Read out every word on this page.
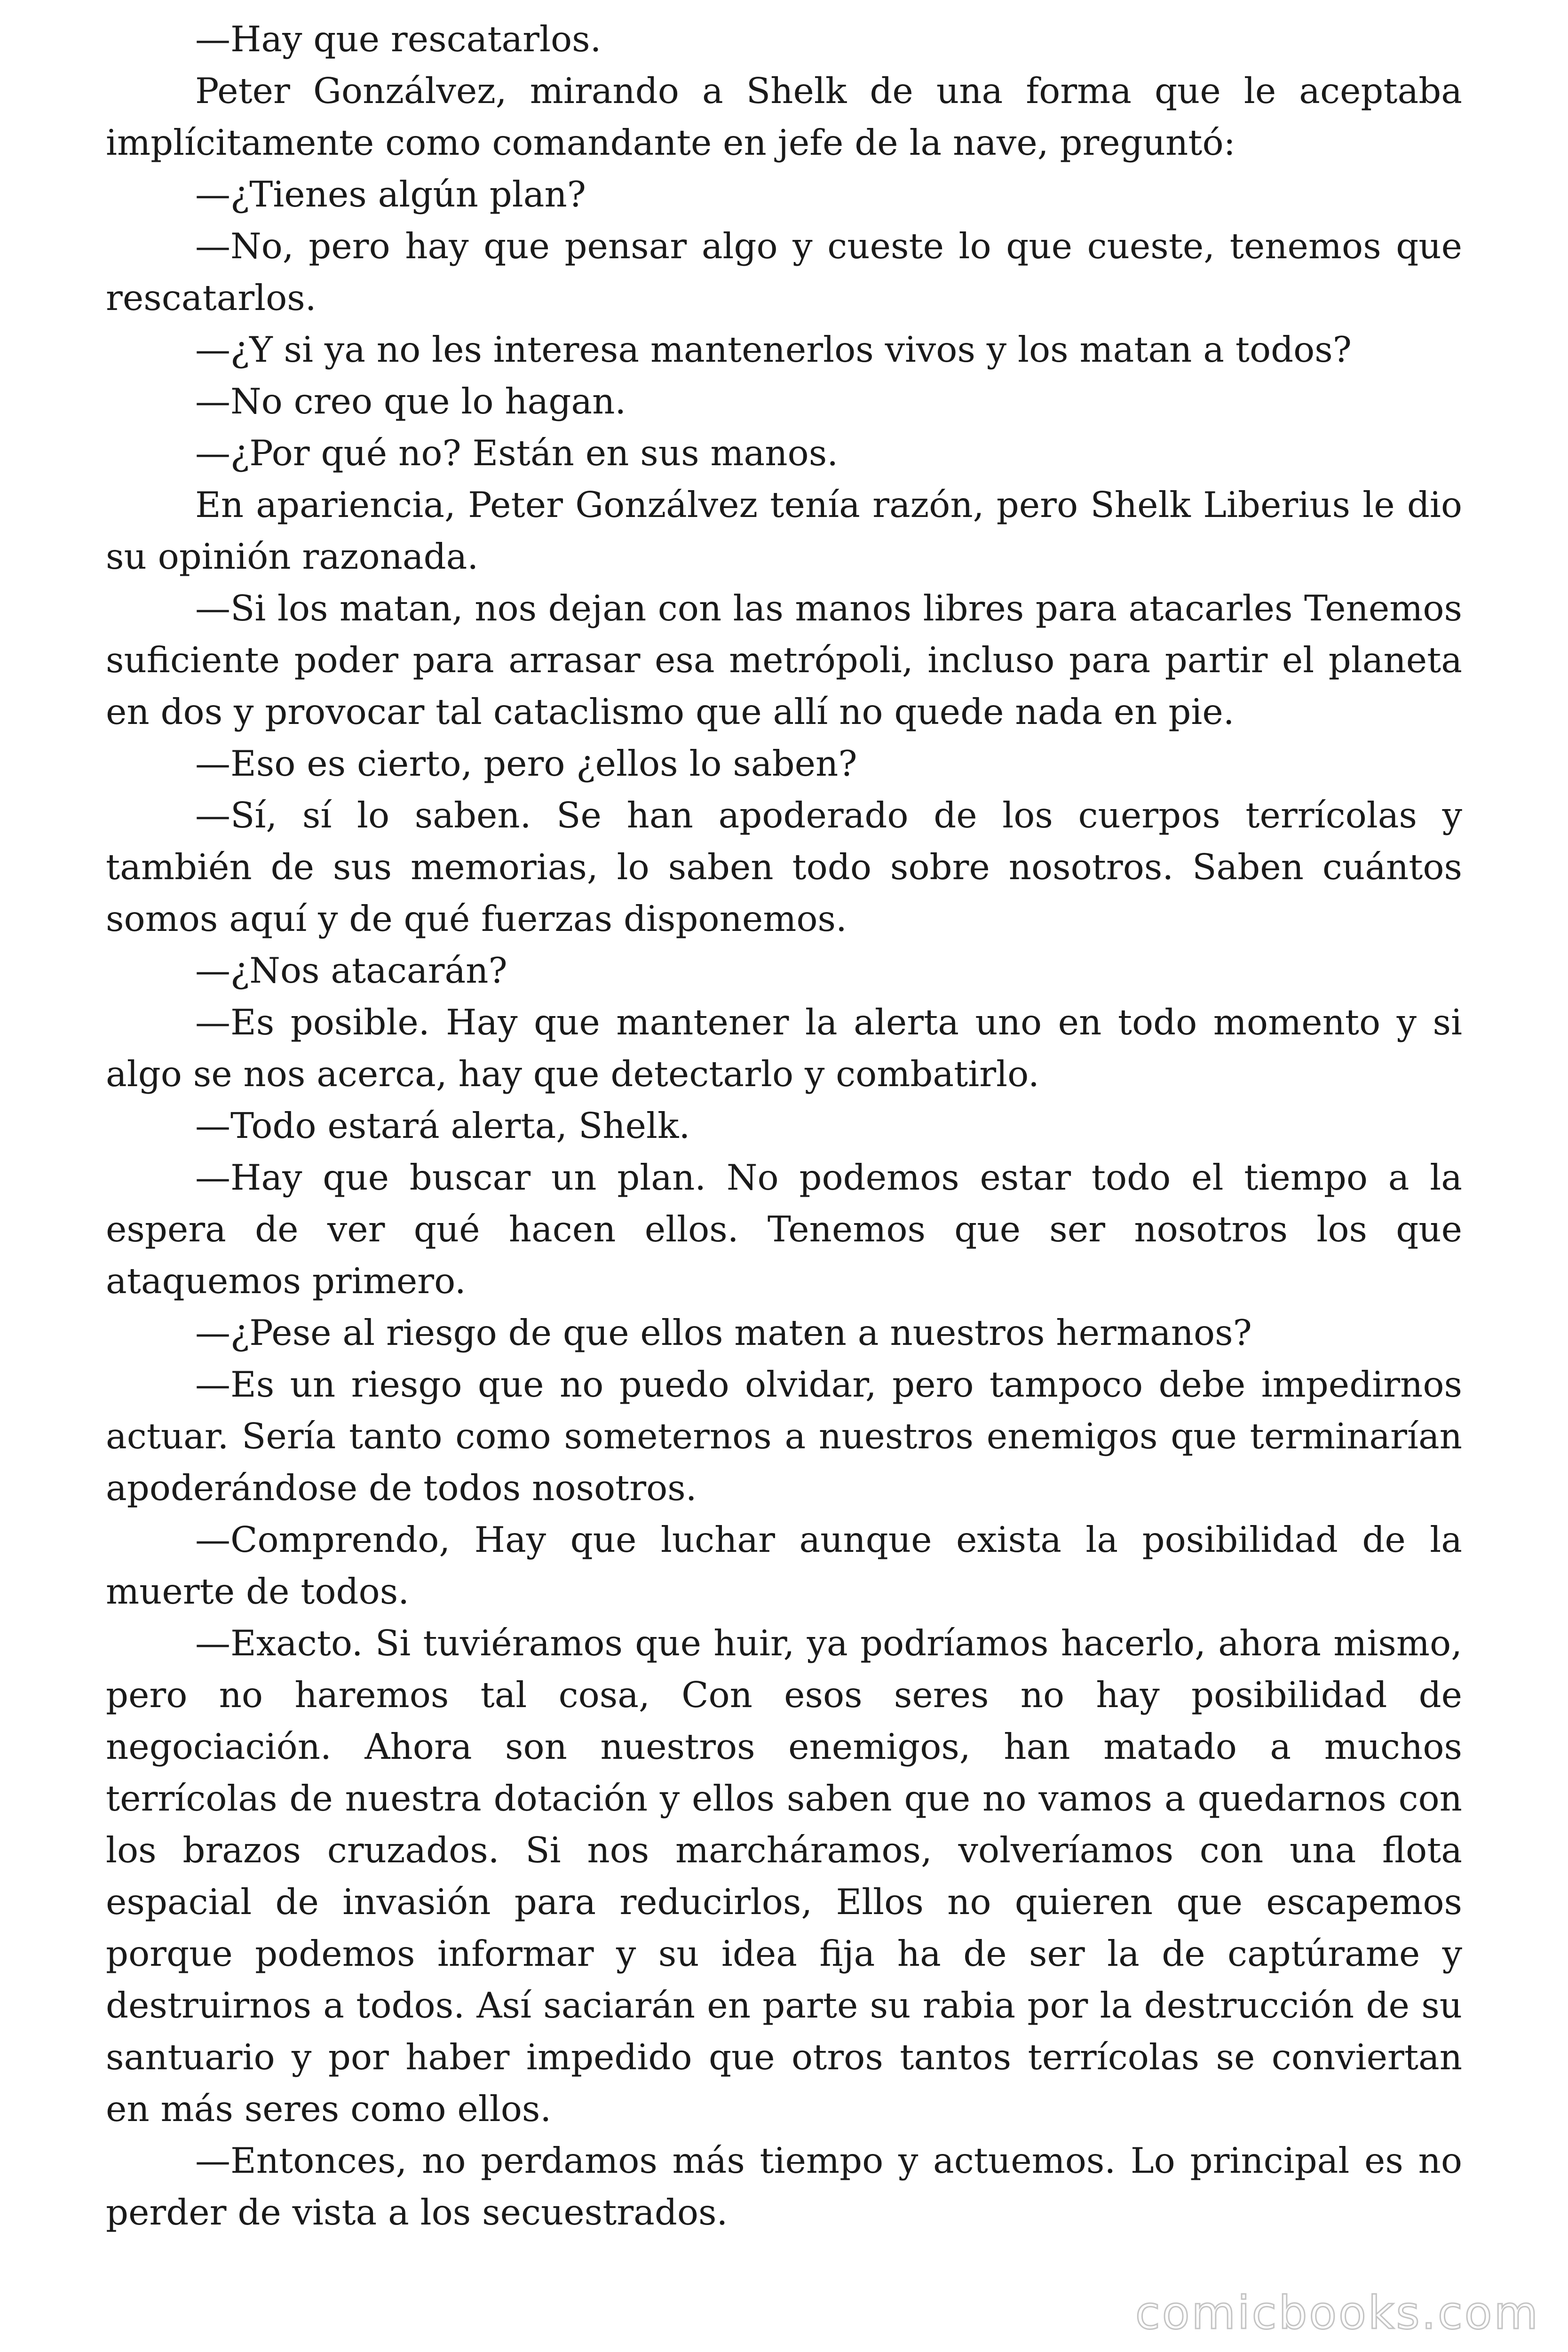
—Hay que rescatarlos.

Peter Gonzálvez, mirando a Shelk de una forma que le aceptaba implícitamente como comandante en jefe de la nave, preguntó:

—¿Tienes algún plan?

—No, pero hay que pensar algo y cueste lo que cueste, tenemos que rescatarlos.

—¿Y si ya no les interesa mantenerlos vivos y los matan a todos?

—No creo que lo hagan.

—¿Por qué no? Están en sus manos.

En apariencia, Peter Gonzálvez tenía razón, pero Shelk Liberius le dio su opinión razonada.

—Si los matan, nos dejan con las manos libres para atacarles Tenemos suficiente poder para arrasar esa metrópoli, incluso para partir el planeta en dos y provocar tal cataclismo que allí no quede nada en pie.

—Eso es cierto, pero ¿ellos lo saben?

—Sí, sí lo saben. Se han apoderado de los cuerpos terrícolas y también de sus memorias, lo saben todo sobre nosotros. Saben cuántos somos aquí y de qué fuerzas disponemos.

—¿Nos atacarán?

—Es posible. Hay que mantener la alerta uno en todo momento y si algo se nos acerca, hay que detectarlo y combatirlo.

—Todo estará alerta, Shelk.

—Hay que buscar un plan. No podemos estar todo el tiempo a la espera de ver qué hacen ellos. Tenemos que ser nosotros los que ataquemos primero.

—¿Pese al riesgo de que ellos maten a nuestros hermanos?

—Es un riesgo que no puedo olvidar, pero tampoco debe impedirnos actuar. Sería tanto como someternos a nuestros enemigos que terminarían apoderándose de todos nosotros.

—Comprendo, Hay que luchar aunque exista la posibilidad de la muerte de todos.

—Exacto. Si tuviéramos que huir, ya podríamos hacerlo, ahora mismo, pero no haremos tal cosa, Con esos seres no hay posibilidad de negociación. Ahora son nuestros enemigos, han matado a muchos terrícolas de nuestra dotación y ellos saben que no vamos a quedarnos con los brazos cruzados. Si nos marcháramos, volveríamos con una flota espacial de invasión para reducirlos, Ellos no quieren que escapemos porque podemos informar y su idea fija ha de ser la de captúrame y destruirnos a todos. Así saciarán en parte su rabia por la destrucción de su santuario y por haber impedido que otros tantos terrícolas se conviertan en más seres como ellos.

—Entonces, no perdamos más tiempo y actuemos. Lo principal es no perder de vista a los secuestrados.

comicbooks.com
